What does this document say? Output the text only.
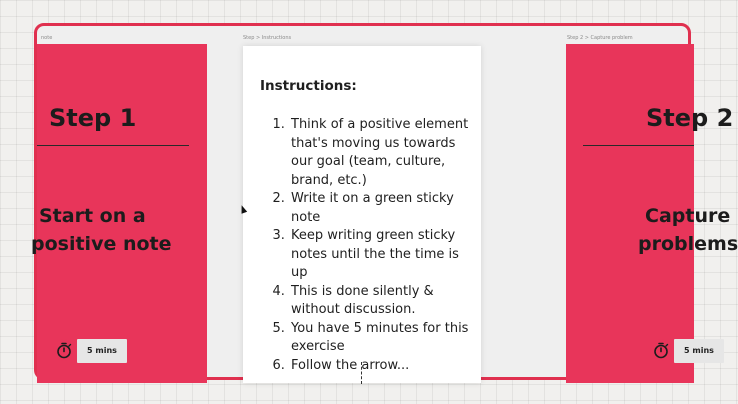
note	Step > Instructions	Step 2 > Capture problem
Step 1
Start on a
positive note
5 mins
Instructions:
1. Think of a positive element that's moving us towards our goal (team, culture, brand, etc.)
2. Write it on a green sticky note
3. Keep writing green sticky notes until the the time is up
4. This is done silently & without discussion.
5. You have 5 minutes for this exercise
6. Follow the arrow...
Step 2
Capture
problems
5 mins
